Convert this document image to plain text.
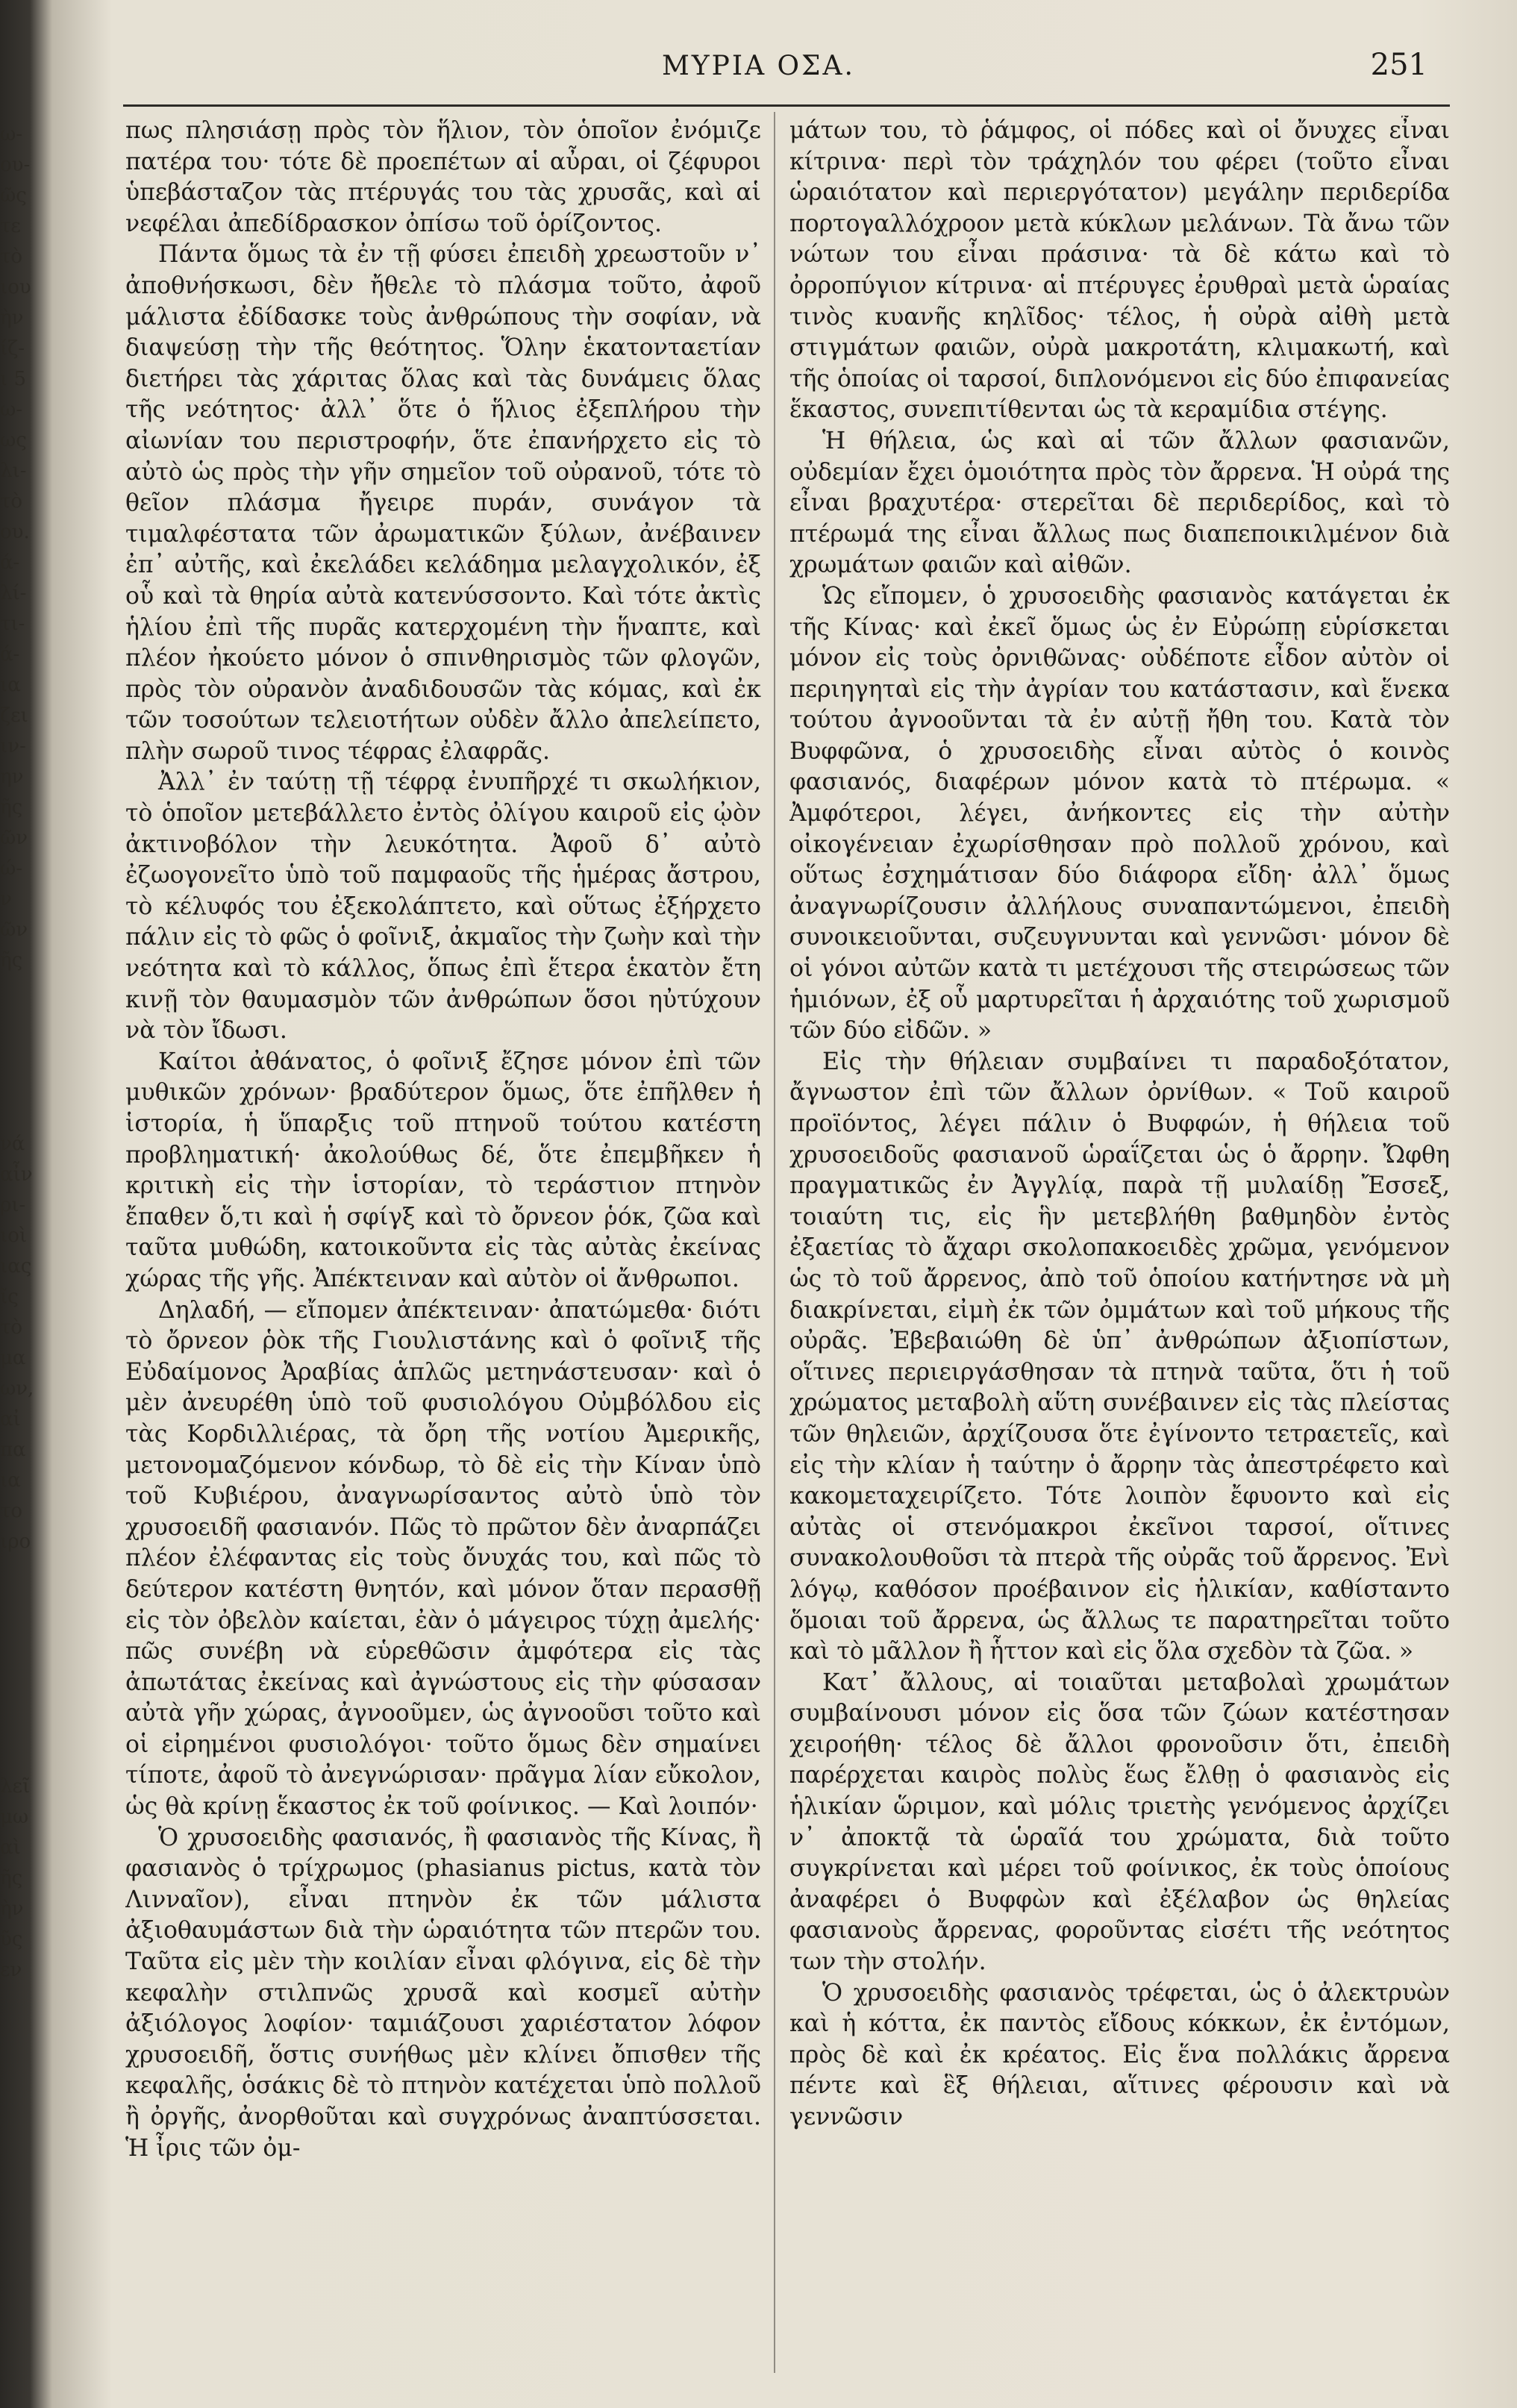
ω-
ου-
ῶς
τε
τὸ
ιου
ὴν
ίζ-
ι 5
ω-
ως
λι-
τὸ
ου.
ά-
λί-
τι-
ά-
ια
ζει
ιν-
ην
ῆς
ῶν
ώ-
ν
ῶν
ῆς
νά
αἶν
ρι-
ιοὶ
ιας
ῖς
τὸ
μα
ων,
αἰ
πα
ια
το
ιρο
λεῖ
μω
αὶ
ῆς
ὴν
ῦς
εν
ΜΥΡΙΑ ΟΣΑ.	251

πως πλησιάσῃ πρὸς τὸν ἥλιον, τὸν ὁποῖον ἐνόμιζε πατέρα του· τότε δὲ προεπέτων αἱ αὖραι, οἱ ζέφυροι ὑπεβάσταζον τὰς πτέρυγάς του τὰς χρυσᾶς, καὶ αἱ νεφέλαι ἀπεδίδρασκον ὀπίσω τοῦ ὁρίζοντος.

Πάντα ὅμως τὰ ἐν τῇ φύσει ἐπειδὴ χρεωστοῦν ν᾿ ἀποθνήσκωσι, δὲν ἤθελε τὸ πλάσμα τοῦτο, ἀφοῦ μάλιστα ἐδίδασκε τοὺς ἀνθρώπους τὴν σοφίαν, νὰ διαψεύσῃ τὴν τῆς θεότητος. Ὅλην ἑκατονταετίαν διετήρει τὰς χάριτας ὅλας καὶ τὰς δυνάμεις ὅλας τῆς νεότητος· ἀλλ᾿ ὅτε ὁ ἥλιος ἐξεπλήρου τὴν αἰωνίαν του περιστροφήν, ὅτε ἐπανήρχετο εἰς τὸ αὐτὸ ὡς πρὸς τὴν γῆν σημεῖον τοῦ οὐρανοῦ, τότε τὸ θεῖον πλάσμα ἤγειρε πυράν, συνάγον τὰ τιμαλφέστατα τῶν ἀρωματικῶν ξύλων, ἀνέβαινεν ἐπ᾿ αὐτῆς, καὶ ἐκελάδει κελάδημα μελαγχολικόν, ἐξ οὗ καὶ τὰ θηρία αὐτὰ κατενύσσοντο. Καὶ τότε ἀκτὶς ἡλίου ἐπὶ τῆς πυρᾶς κατερχομένη τὴν ἥναπτε, καὶ πλέον ἠκούετο μόνον ὁ σπινθηρισμὸς τῶν φλογῶν, πρὸς τὸν οὐρανὸν ἀναδιδουσῶν τὰς κόμας, καὶ ἐκ τῶν τοσούτων τελειοτήτων οὐδὲν ἄλλο ἀπελείπετο, πλὴν σωροῦ τινος τέφρας ἐλαφρᾶς.

Ἀλλ᾿ ἐν ταύτῃ τῇ τέφρᾳ ἐνυπῆρχέ τι σκωλήκιον, τὸ ὁποῖον μετεβάλλετο ἐντὸς ὀλίγου καιροῦ εἰς ᾠὸν ἀκτινοβόλον τὴν λευκότητα. Ἀφοῦ δ᾿ αὐτὸ ἐζωογονεῖτο ὑπὸ τοῦ παμφαοῦς τῆς ἡμέρας ἄστρου, τὸ κέλυφός του ἐξεκολάπτετο, καὶ οὕτως ἐξήρχετο πάλιν εἰς τὸ φῶς ὁ φοῖνιξ, ἀκμαῖος τὴν ζωὴν καὶ τὴν νεότητα καὶ τὸ κάλλος, ὅπως ἐπὶ ἕτερα ἑκατὸν ἔτη κινῇ τὸν θαυμασμὸν τῶν ἀνθρώπων ὅσοι ηὐτύχουν νὰ τὸν ἴδωσι.

Καίτοι ἀθάνατος, ὁ φοῖνιξ ἔζησε μόνον ἐπὶ τῶν μυθικῶν χρόνων· βραδύτερον ὅμως, ὅτε ἐπῆλθεν ἡ ἱστορία, ἡ ὕπαρξις τοῦ πτηνοῦ τούτου κατέστη προβληματική· ἀκολούθως δέ, ὅτε ἐπεμβῆκεν ἡ κριτικὴ εἰς τὴν ἱστορίαν, τὸ τεράστιον πτηνὸν ἔπαθεν ὅ,τι καὶ ἡ σφίγξ καὶ τὸ ὄρνεον ῥόκ, ζῶα καὶ ταῦτα μυθώδη, κατοικοῦντα εἰς τὰς αὐτὰς ἐκείνας χώρας τῆς γῆς. Ἀπέκτειναν καὶ αὐτὸν οἱ ἄνθρωποι.

Δηλαδή, — εἴπομεν ἀπέκτειναν· ἀπατώμεθα· διότι τὸ ὄρνεον ῥὸκ τῆς Γιουλιστάνης καὶ ὁ φοῖνιξ τῆς Εὐδαίμονος Ἀραβίας ἁπλῶς μετηνάστευσαν· καὶ ὁ μὲν ἀνευρέθη ὑπὸ τοῦ φυσιολόγου Οὐμβόλδου εἰς τὰς Κορδιλλιέρας, τὰ ὄρη τῆς νοτίου Ἀμερικῆς, μετονομαζόμενον κόνδωρ, τὸ δὲ εἰς τὴν Κίναν ὑπὸ τοῦ Κυβιέρου, ἀναγνωρίσαντος αὐτὸ ὑπὸ τὸν χρυσοειδῆ φασιανόν. Πῶς τὸ πρῶτον δὲν ἀναρπάζει πλέον ἐλέφαντας εἰς τοὺς ὄνυχάς του, καὶ πῶς τὸ δεύτερον κατέστη θνητόν, καὶ μόνον ὅταν περασθῇ εἰς τὸν ὀβελὸν καίεται, ἐὰν ὁ μάγειρος τύχῃ ἀμελής· πῶς συνέβη νὰ εὑρεθῶσιν ἀμφότερα εἰς τὰς ἀπωτάτας ἐκείνας καὶ ἀγνώστους εἰς τὴν φύσασαν αὐτὰ γῆν χώρας, ἀγνοοῦμεν, ὡς ἀγνοοῦσι τοῦτο καὶ οἱ εἰρημένοι φυσιολόγοι· τοῦτο ὅμως δὲν σημαίνει τίποτε, ἀφοῦ τὸ ἀνεγνώρισαν· πρᾶγμα λίαν εὔκολον, ὡς θὰ κρίνῃ ἕκαστος ἐκ τοῦ φοίνικος. — Καὶ λοιπόν·

Ὁ χρυσοειδὴς φασιανός, ἢ φασιανὸς τῆς Κίνας, ἢ φασιανὸς ὁ τρίχρωμος (phasianus pictus, κατὰ τὸν Λινναῖον), εἶναι πτηνὸν ἐκ τῶν μάλιστα ἀξιοθαυμάστων διὰ τὴν ὡραιότητα τῶν πτερῶν του. Ταῦτα εἰς μὲν τὴν κοιλίαν εἶναι φλόγινα, εἰς δὲ τὴν κεφαλὴν στιλπνῶς χρυσᾶ καὶ κοσμεῖ αὐτὴν ἀξιόλογος λοφίον· ταμιάζουσι χαριέστατον λόφον χρυσοειδῆ, ὅστις συνήθως μὲν κλίνει ὄπισθεν τῆς κεφαλῆς, ὁσάκις δὲ τὸ πτηνὸν κατέχεται ὑπὸ πολλοῦ ἢ ὀργῆς, ἀνορθοῦται καὶ συγχρόνως ἀναπτύσσεται. Ἡ ἶρις τῶν ὀμ-

μάτων του, τὸ ῥάμφος, οἱ πόδες καὶ οἱ ὄνυχες εἶναι κίτρινα· περὶ τὸν τράχηλόν του φέρει (τοῦτο εἶναι ὡραιότατον καὶ περιεργότατον) μεγάλην περιδερίδα πορτογαλλόχροον μετὰ κύκλων μελάνων. Τὰ ἄνω τῶν νώτων του εἶναι πράσινα· τὰ δὲ κάτω καὶ τὸ ὀρροπύγιον κίτρινα· αἱ πτέρυγες ἐρυθραὶ μετὰ ὡραίας τινὸς κυανῆς κηλῖδος· τέλος, ἡ οὐρὰ αἰθὴ μετὰ στιγμάτων φαιῶν, οὐρὰ μακροτάτη, κλιμακωτή, καὶ τῆς ὁποίας οἱ ταρσοί, διπλονόμενοι εἰς δύο ἐπιφανείας ἕκαστος, συνεπιτίθενται ὡς τὰ κεραμίδια στέγης.

Ἡ θήλεια, ὡς καὶ αἱ τῶν ἄλλων φασιανῶν, οὐδεμίαν ἔχει ὁμοιότητα πρὸς τὸν ἄρρενα. Ἡ οὐρά της εἶναι βραχυτέρα· στερεῖται δὲ περιδερίδος, καὶ τὸ πτέρωμά της εἶναι ἄλλως πως διαπεποικιλμένον διὰ χρωμάτων φαιῶν καὶ αἰθῶν.

Ὡς εἴπομεν, ὁ χρυσοειδὴς φασιανὸς κατάγεται ἐκ τῆς Κίνας· καὶ ἐκεῖ ὅμως ὡς ἐν Εὐρώπῃ εὑρίσκεται μόνον εἰς τοὺς ὀρνιθῶνας· οὐδέποτε εἶδον αὐτὸν οἱ περιηγηταὶ εἰς τὴν ἀγρίαν του κατάστασιν, καὶ ἕνεκα τούτου ἀγνοοῦνται τὰ ἐν αὐτῇ ἤθη του. Κατὰ τὸν Βυφφῶνα, ὁ χρυσοειδὴς εἶναι αὐτὸς ὁ κοινὸς φασιανός, διαφέρων μόνον κατὰ τὸ πτέρωμα. « Ἀμφότεροι, λέγει, ἀνήκοντες εἰς τὴν αὐτὴν οἰκογένειαν ἐχωρίσθησαν πρὸ πολλοῦ χρόνου, καὶ οὕτως ἐσχημάτισαν δύο διάφορα εἴδη· ἀλλ᾿ ὅμως ἀναγνωρίζουσιν ἀλλήλους συναπαντώμενοι, ἐπειδὴ συνοικειοῦνται, συζευγνυνται καὶ γεννῶσι· μόνον δὲ οἱ γόνοι αὐτῶν κατὰ τι μετέχουσι τῆς στειρώσεως τῶν ἡμιόνων, ἐξ οὗ μαρτυρεῖται ἡ ἀρχαιότης τοῦ χωρισμοῦ τῶν δύο εἰδῶν. »

Εἰς τὴν θήλειαν συμβαίνει τι παραδοξότατον, ἄγνωστον ἐπὶ τῶν ἄλλων ὀρνίθων. « Τοῦ καιροῦ προϊόντος, λέγει πάλιν ὁ Βυφφών, ἡ θήλεια τοῦ χρυσοειδοῦς φασιανοῦ ὡραΐζεται ὡς ὁ ἄρρην. Ὤφθη πραγματικῶς ἐν Ἀγγλίᾳ, παρὰ τῇ μυλαίδῃ Ἔσσεξ, τοιαύτη τις, εἰς ἣν μετεβλήθη βαθμηδὸν ἐντὸς ἐξαετίας τὸ ἄχαρι σκολοπακοειδὲς χρῶμα, γενόμενον ὡς τὸ τοῦ ἄρρενος, ἀπὸ τοῦ ὁποίου κατήντησε νὰ μὴ διακρίνεται, εἰμὴ ἐκ τῶν ὀμμάτων καὶ τοῦ μήκους τῆς οὐρᾶς. Ἐβεβαιώθη δὲ ὑπ᾿ ἀνθρώπων ἀξιοπίστων, οἵτινες περιειργάσθησαν τὰ πτηνὰ ταῦτα, ὅτι ἡ τοῦ χρώματος μεταβολὴ αὕτη συνέβαινεν εἰς τὰς πλείστας τῶν θηλειῶν, ἀρχίζουσα ὅτε ἐγίνοντο τετραετεῖς, καὶ εἰς τὴν κλίαν ἡ ταύτην ὁ ἄρρην τὰς ἀπεστρέφετο καὶ κακομεταχειρίζετο. Τότε λοιπὸν ἔφυοντο καὶ εἰς αὐτὰς οἱ στενόμακροι ἐκεῖνοι ταρσοί, οἵτινες συνακολουθοῦσι τὰ πτερὰ τῆς οὐρᾶς τοῦ ἄρρενος. Ἐνὶ λόγῳ, καθόσον προέβαινον εἰς ἡλικίαν, καθίσταντο ὅμοιαι τοῦ ἄρρενα, ὡς ἄλλως τε παρατηρεῖται τοῦτο καὶ τὸ μᾶλλον ἢ ἧττον καὶ εἰς ὅλα σχεδὸν τὰ ζῶα. »

Κατ᾿ ἄλλους, αἱ τοιαῦται μεταβολαὶ χρωμάτων συμβαίνουσι μόνον εἰς ὅσα τῶν ζώων κατέστησαν χειροήθη· τέλος δὲ ἄλλοι φρονοῦσιν ὅτι, ἐπειδὴ παρέρχεται καιρὸς πολὺς ἕως ἔλθῃ ὁ φασιανὸς εἰς ἡλικίαν ὥριμον, καὶ μόλις τριετὴς γενόμενος ἀρχίζει ν᾿ ἀποκτᾷ τὰ ὡραῖά του χρώματα, διὰ τοῦτο συγκρίνεται καὶ μέρει τοῦ φοίνικος, ἐκ τοὺς ὁποίους ἀναφέρει ὁ Βυφφὼν καὶ ἐξέλαβον ὡς θηλείας φασιανοὺς ἄρρενας, φοροῦντας εἰσέτι τῆς νεότητος των τὴν στολήν.

Ὁ χρυσοειδὴς φασιανὸς τρέφεται, ὡς ὁ ἀλεκτρυὼν καὶ ἡ κόττα, ἐκ παντὸς εἴδους κόκκων, ἐκ ἐντόμων, πρὸς δὲ καὶ ἐκ κρέατος. Εἰς ἕνα πολλάκις ἄρρενα πέντε καὶ ἓξ θήλειαι, αἵτινες φέρουσιν καὶ νὰ γεννῶσιν
